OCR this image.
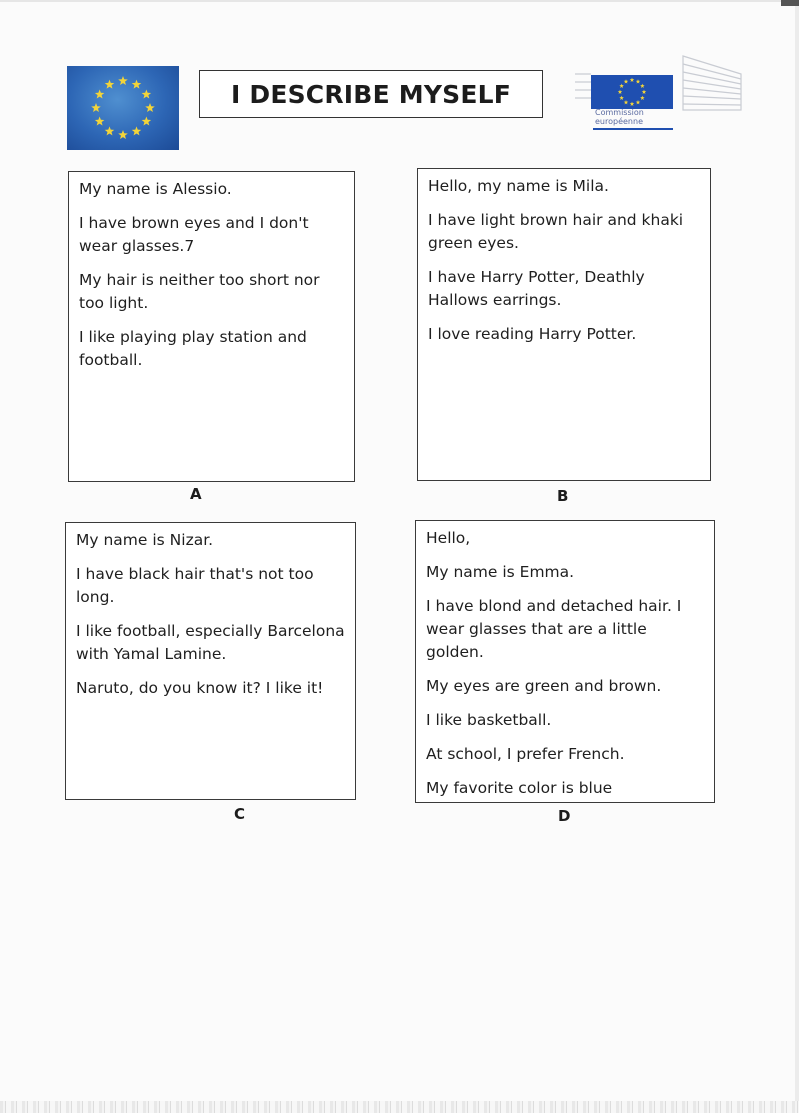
I DESCRIBE MYSELF
Commission
européenne

My name is Alessio.

I have brown eyes and I don't wear glasses.7

My hair is neither too short nor too light.

I like playing play station and football.

A

Hello, my name is Mila.

I have light brown hair and khaki green eyes.

I have Harry Potter, Deathly Hallows earrings.

I love reading Harry Potter.

B

My name is Nizar.

I have black hair that's not too long.

I like football, especially Barcelona with Yamal Lamine.

Naruto, do you know it? I like it!

C

Hello,

My name is Emma.

I have blond and detached hair. I wear glasses that are a little golden.

My eyes are green and brown.

I like basketball.

At school, I prefer French.

My favorite color is blue

D
